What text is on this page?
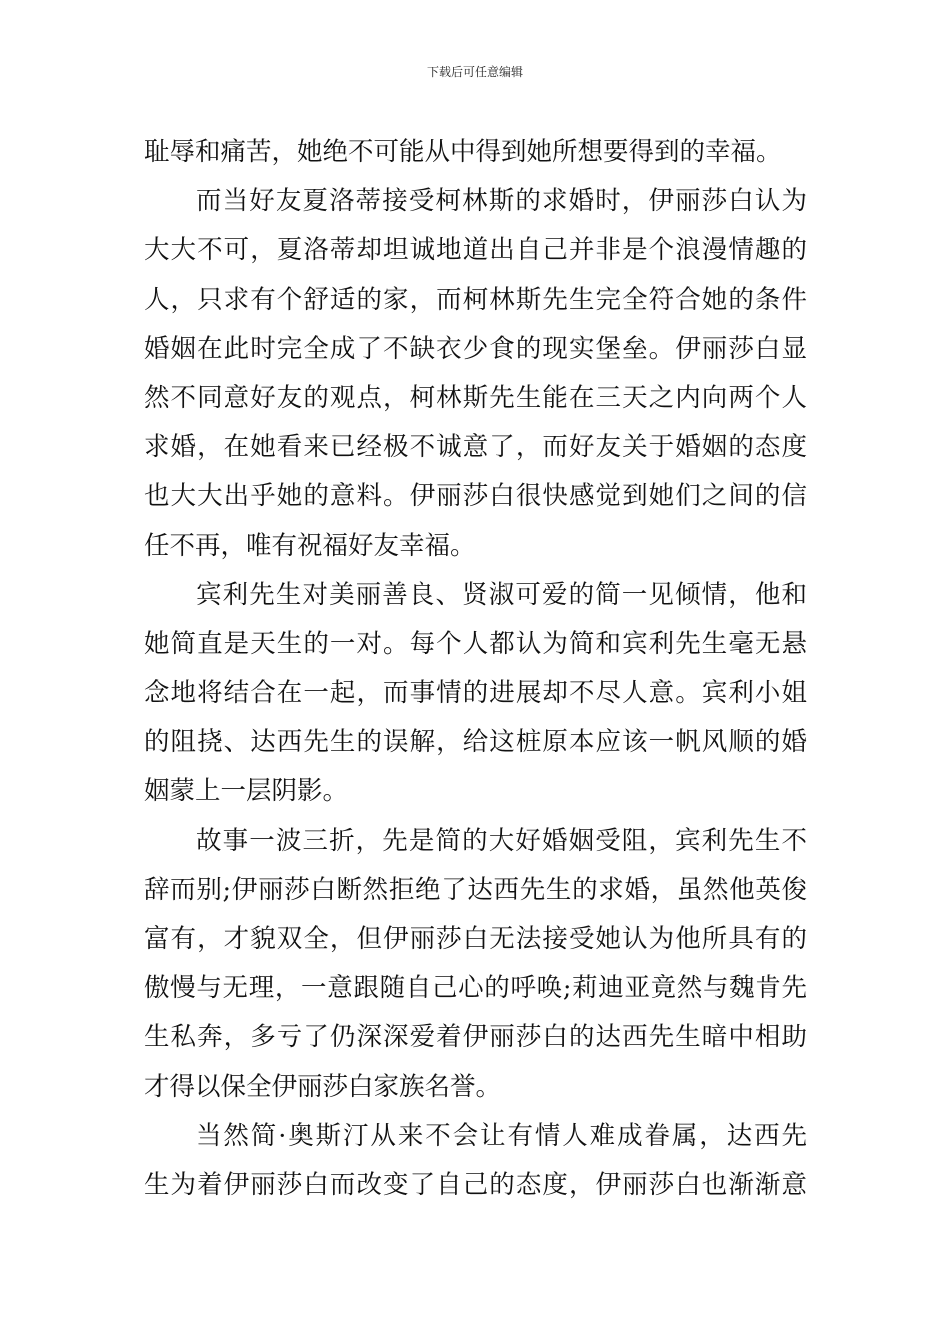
下载后可任意编辑
耻辱和痛苦，她绝不可能从中得到她所想要得到的幸福。
而当好友夏洛蒂接受柯林斯的求婚时，伊丽莎白认为
大大不可，夏洛蒂却坦诚地道出自己并非是个浪漫情趣的
人，只求有个舒适的家，而柯林斯先生完全符合她的条件
婚姻在此时完全成了不缺衣少食的现实堡垒。伊丽莎白显
然不同意好友的观点，柯林斯先生能在三天之内向两个人
求婚，在她看来已经极不诚意了，而好友关于婚姻的态度
也大大出乎她的意料。伊丽莎白很快感觉到她们之间的信
任不再，唯有祝福好友幸福。
宾利先生对美丽善良、贤淑可爱的简一见倾情，他和
她简直是天生的一对。每个人都认为简和宾利先生毫无悬
念地将结合在一起，而事情的进展却不尽人意。宾利小姐
的阻挠、达西先生的误解，给这桩原本应该一帆风顺的婚
姻蒙上一层阴影。
故事一波三折，先是简的大好婚姻受阻，宾利先生不
辞而别;伊丽莎白断然拒绝了达西先生的求婚，虽然他英俊
富有，才貌双全，但伊丽莎白无法接受她认为他所具有的
傲慢与无理，一意跟随自己心的呼唤;莉迪亚竟然与魏肯先
生私奔，多亏了仍深深爱着伊丽莎白的达西先生暗中相助
才得以保全伊丽莎白家族名誉。
当然简·奥斯汀从来不会让有情人难成眷属，达西先
生为着伊丽莎白而改变了自己的态度，伊丽莎白也渐渐意
